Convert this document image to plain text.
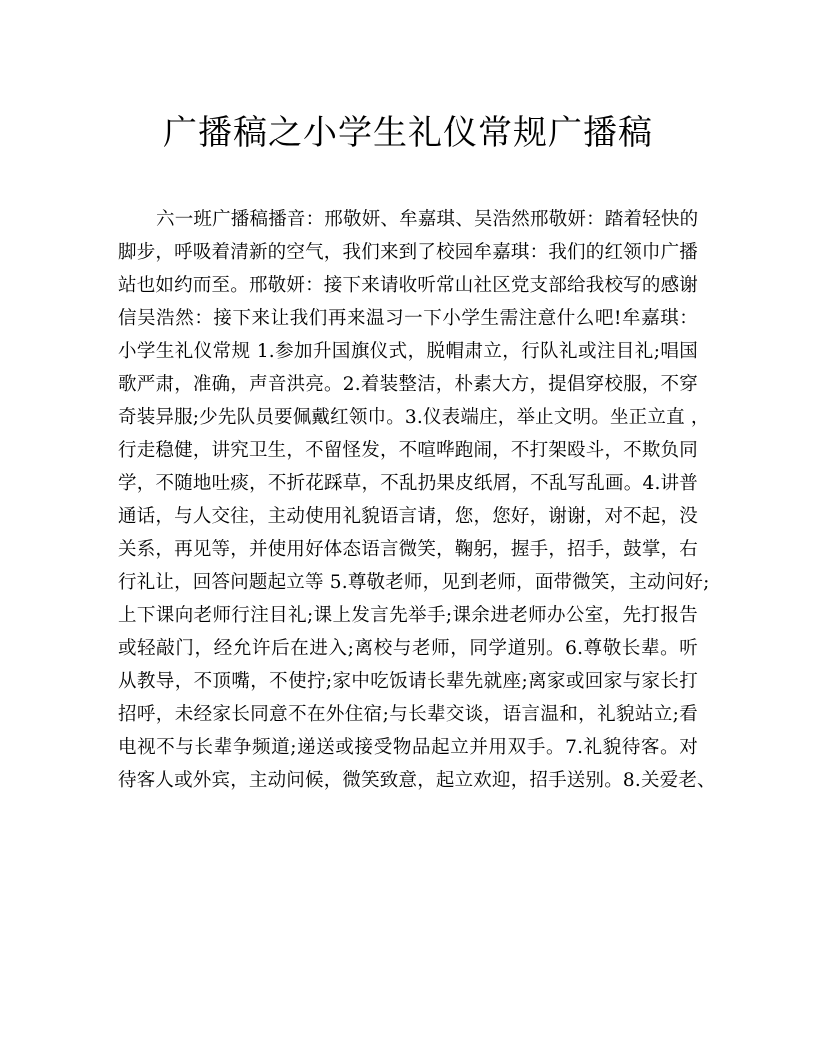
广播稿之小学生礼仪常规广播稿
六一班广播稿播音：邢敬妍、牟嘉琪、吴浩然邢敬妍：踏着轻快的
脚步，呼吸着清新的空气，我们来到了校园牟嘉琪：我们的红领巾广播
站也如约而至。邢敬妍：接下来请收听常山社区党支部给我校写的感谢
信吴浩然：接下来让我们再来温习一下小学生需注意什么吧!牟嘉琪：
小学生礼仪常规 1.参加升国旗仪式，脱帽肃立，行队礼或注目礼;唱国
歌严肃，准确，声音洪亮。2.着装整洁，朴素大方，提倡穿校服，不穿
奇装异服;少先队员要佩戴红领巾。3.仪表端庄，举止文明。坐正立直 ，
行走稳健，讲究卫生，不留怪发，不喧哗跑闹，不打架殴斗，不欺负同
学，不随地吐痰，不折花踩草，不乱扔果皮纸屑，不乱写乱画。4.讲普
通话，与人交往，主动使用礼貌语言请，您，您好，谢谢，对不起，没
关系，再见等，并使用好体态语言微笑，鞠躬，握手，招手，鼓掌，右
行礼让，回答问题起立等 5.尊敬老师，见到老师，面带微笑，主动问好;
上下课向老师行注目礼;课上发言先举手;课余进老师办公室，先打报告
或轻敲门，经允许后在进入;离校与老师，同学道别。6.尊敬长辈。听
从教导，不顶嘴，不使拧;家中吃饭请长辈先就座;离家或回家与家长打
招呼，未经家长同意不在外住宿;与长辈交谈，语言温和，礼貌站立;看
电视不与长辈争频道;递送或接受物品起立并用双手。7.礼貌待客。对
待客人或外宾，主动问候，微笑致意，起立欢迎，招手送别。8.关爱老、
